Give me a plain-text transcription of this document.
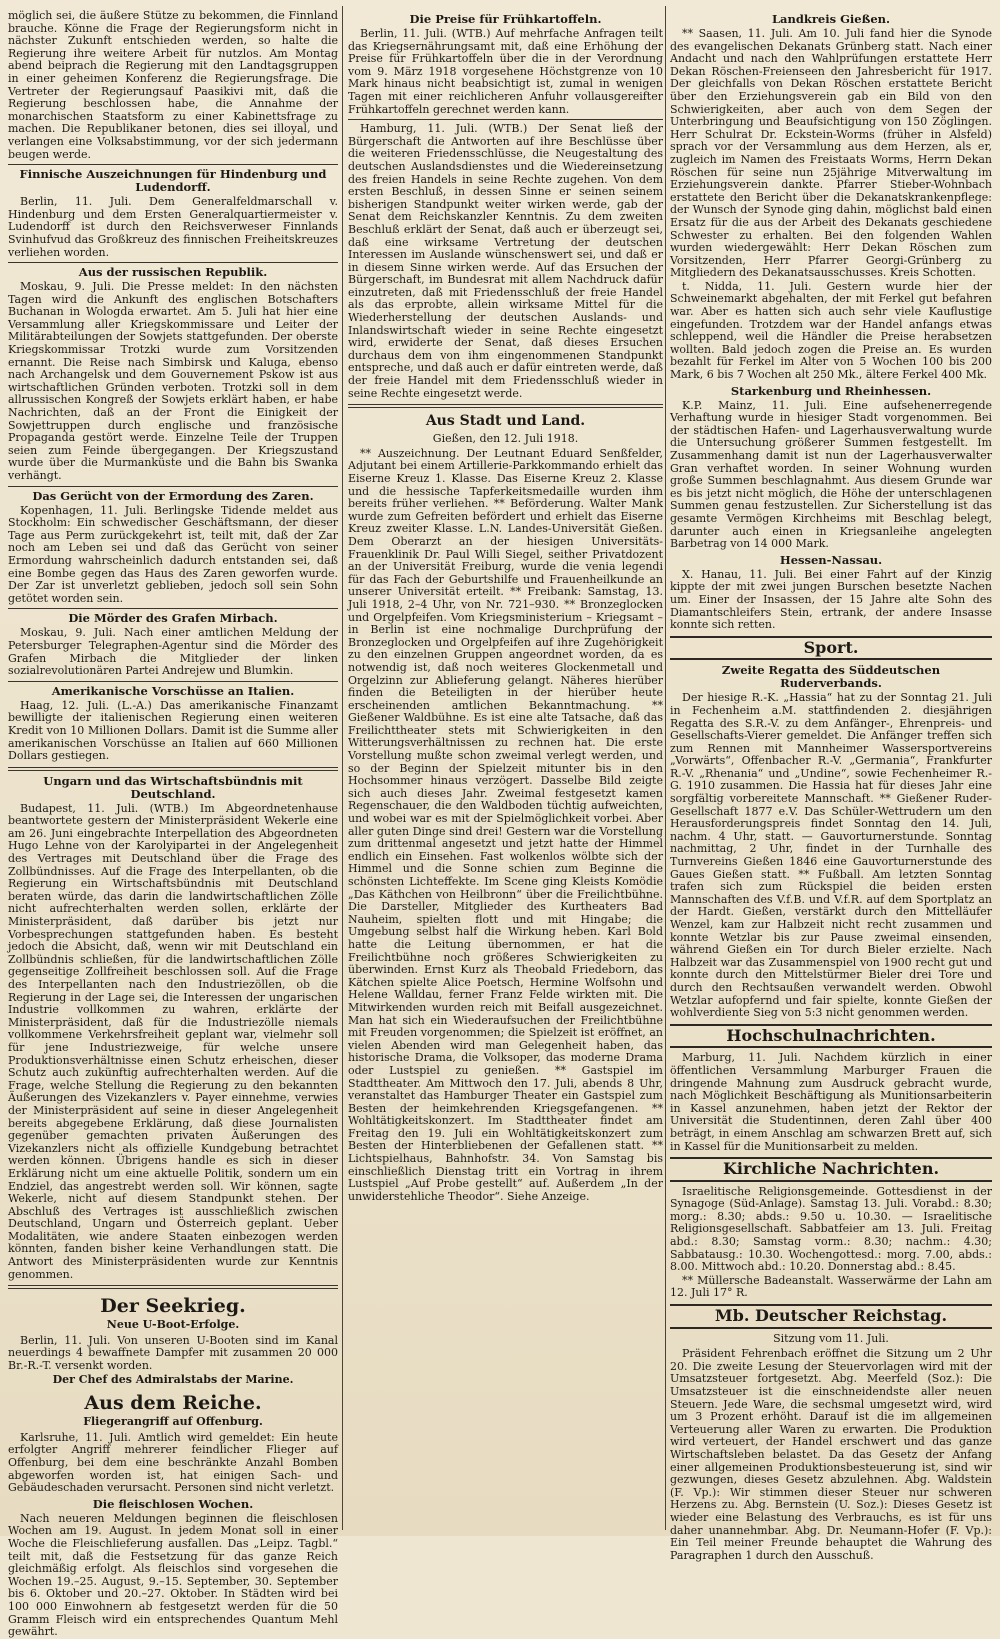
möglich sei, die äußere Stütze zu bekommen, die Finnland brauche. Könne die Frage der Regierungsform nicht in nächster Zukunft entschieden werden, so halte die Regierung ihre weitere Arbeit für nutzlos. Am Montag abend beiprach die Regierung mit den Landtagsgruppen in einer geheimen Konferenz die Regierungsfrage. Die Vertreter der Regierungsauf Paasikivi mit, daß die Regierung beschlossen habe, die Annahme der monarchischen Staatsform zu einer Kabinettsfrage zu machen. Die Republikaner betonen, dies sei illoyal, und verlangen eine Volksabstimmung, vor der sich jedermann beugen werde.

Finnische Auszeichnungen für Hindenburg und Ludendorff.

Berlin, 11. Juli. Dem Generalfeldmarschall v. Hindenburg und dem Ersten Generalquartiermeister v. Ludendorff ist durch den Reichsverweser Finnlands Svinhufvud das Großkreuz des finnischen Freiheitskreuzes verliehen worden.

Aus der russischen Republik.

Moskau, 9. Juli. Die Presse meldet: In den nächsten Tagen wird die Ankunft des englischen Botschafters Buchanan in Wologda erwartet. Am 5. Juli hat hier eine Versammlung aller Kriegskommissare und Leiter der Militärabteilungen der Sowjets stattgefunden. Der oberste Kriegskommissar Trotzki wurde zum Vorsitzenden ernannt. Die Reise nach Simbirsk und Kaluga, ebenso nach Archangelsk und dem Gouvernement Pskow ist aus wirtschaftlichen Gründen verboten. Trotzki soll in dem allrussischen Kongreß der Sowjets erklärt haben, er habe Nachrichten, daß an der Front die Einigkeit der Sowjettruppen durch englische und französische Propaganda gestört werde. Einzelne Teile der Truppen seien zum Feinde übergegangen. Der Kriegszustand wurde über die Murmanküste und die Bahn bis Swanka verhängt.

Das Gerücht von der Ermordung des Zaren.

Kopenhagen, 11. Juli. Berlingske Tidende meldet aus Stockholm: Ein schwedischer Geschäftsmann, der dieser Tage aus Perm zurückgekehrt ist, teilt mit, daß der Zar noch am Leben sei und daß das Gerücht von seiner Ermordung wahrscheinlich dadurch entstanden sei, daß eine Bombe gegen das Haus des Zaren geworfen wurde. Der Zar ist unverletzt geblieben, jedoch soll sein Sohn getötet worden sein.

Die Mörder des Grafen Mirbach.

Moskau, 9. Juli. Nach einer amtlichen Meldung der Petersburger Telegraphen-Agentur sind die Mörder des Grafen Mirbach die Mitglieder der linken sozialrevolutionären Partei Andrejew und Blumkin.

Amerikanische Vorschüsse an Italien.

Haag, 12. Juli. (L.-A.) Das amerikanische Finanzamt bewilligte der italienischen Regierung einen weiteren Kredit von 10 Millionen Dollars. Damit ist die Summe aller amerikanischen Vorschüsse an Italien auf 660 Millionen Dollars gestiegen.

Ungarn und das Wirtschaftsbündnis mit Deutschland.

Budapest, 11. Juli. (WTB.) Im Abgeordnetenhause beantwortete gestern der Ministerpräsident Wekerle eine am 26. Juni eingebrachte Interpellation des Abgeordneten Hugo Lehne von der Karolyipartei in der Angelegenheit des Vertrages mit Deutschland über die Frage des Zollbündnisses. Auf die Frage des Interpellanten, ob die Regierung ein Wirtschaftsbündnis mit Deutschland beraten würde, das darin die landwirtschaftlichen Zölle nicht aufrechterhalten werden sollen, erklärte der Ministerpräsident, daß darüber bis jetzt nur Vorbesprechungen stattgefunden haben. Es besteht jedoch die Absicht, daß, wenn wir mit Deutschland ein Zollbündnis schließen, für die landwirtschaftlichen Zölle gegenseitige Zollfreiheit beschlossen soll. Auf die Frage des Interpellanten nach den Industriezöllen, ob die Regierung in der Lage sei, die Interessen der ungarischen Industrie vollkommen zu wahren, erklärte der Ministerpräsident, daß für die Industriezölle niemals vollkommene Verkehrsfreiheit geplant war, vielmehr soll für jene Industriezweige, für welche unsere Produktionsverhältnisse einen Schutz erheischen, dieser Schutz auch zukünftig aufrechterhalten werden. Auf die Frage, welche Stellung die Regierung zu den bekannten Äußerungen des Vizekanzlers v. Payer einnehme, verwies der Ministerpräsident auf seine in dieser Angelegenheit bereits abgegebene Erklärung, daß diese Journalisten gegenüber gemachten privaten Äußerungen des Vizekanzlers nicht als offizielle Kundgebung betrachtet werden können. Übrigens handle es sich in dieser Erklärung nicht um eine aktuelle Politik, sondern um ein Endziel, das angestrebt werden soll. Wir können, sagte Wekerle, nicht auf diesem Standpunkt stehen. Der Abschluß des Vertrages ist ausschließlich zwischen Deutschland, Ungarn und Österreich geplant. Ueber Modalitäten, wie andere Staaten einbezogen werden könnten, fanden bisher keine Verhandlungen statt. Die Antwort des Ministerpräsidenten wurde zur Kenntnis genommen.

Der Seekrieg.
Neue U-Boot-Erfolge.

Berlin, 11. Juli. Von unseren U-Booten sind im Kanal neuerdings 4 bewaffnete Dampfer mit zusammen 20 000 Br.-R.-T. versenkt worden.

Der Chef des Admiralstabs der Marine.
Aus dem Reiche.
Fliegerangriff auf Offenburg.

Karlsruhe, 11. Juli. Amtlich wird gemeldet: Ein heute erfolgter Angriff mehrerer feindlicher Flieger auf Offenburg, bei dem eine beschränkte Anzahl Bomben abgeworfen worden ist, hat einigen Sach- und Gebäudeschaden verursacht. Personen sind nicht verletzt.

Die fleischlosen Wochen.

Nach neueren Meldungen beginnen die fleischlosen Wochen am 19. August. In jedem Monat soll in einer Woche die Fleischlieferung ausfallen. Das „Leipz. Tagbl.“ teilt mit, daß die Festsetzung für das ganze Reich gleichmäßig erfolgt. Als fleischlos sind vorgesehen die Wochen 19.–25. August, 9.–15. September, 30. September bis 6. Oktober und 20.–27. Oktober. In Städten wird bei 100 000 Einwohnern ab festgesetzt werden für die 50 Gramm Fleisch wird ein entsprechendes Quantum Mehl gewährt.

Die Preise für Frühkartoffeln.

Berlin, 11. Juli. (WTB.) Auf mehrfache Anfragen teilt das Kriegsernährungsamt mit, daß eine Erhöhung der Preise für Frühkartoffeln über die in der Verordnung vom 9. März 1918 vorgesehene Höchstgrenze von 10 Mark hinaus nicht beabsichtigt ist, zumal in wenigen Tagen mit einer reichlicheren Anfuhr vollausgereifter Frühkartoffeln gerechnet werden kann.

Hamburg, 11. Juli. (WTB.) Der Senat ließ der Bürgerschaft die Antworten auf ihre Beschlüsse über die weiteren Friedensschlüsse, die Neugestaltung des deutschen Auslandsdienstes und die Wiedereinsetzung des freien Handels in seine Rechte zugehen. Von dem ersten Beschluß, in dessen Sinne er seinen seinem bisherigen Standpunkt weiter wirken werde, gab der Senat dem Reichskanzler Kenntnis. Zu dem zweiten Beschluß erklärt der Senat, daß auch er überzeugt sei, daß eine wirksame Vertretung der deutschen Interessen im Auslande wünschenswert sei, und daß er in diesem Sinne wirken werde. Auf das Ersuchen der Bürgerschaft, im Bundesrat mit allem Nachdruck dafür einzutreten, daß mit Friedensschluß der freie Handel als das erprobte, allein wirksame Mittel für die Wiederherstellung der deutschen Auslands- und Inlandswirtschaft wieder in seine Rechte eingesetzt wird, erwiderte der Senat, daß dieses Ersuchen durchaus dem von ihm eingenommenen Standpunkt entspreche, und daß auch er dafür eintreten werde, daß der freie Handel mit dem Friedensschluß wieder in seine Rechte eingesetzt werde.

Aus Stadt und Land.
Gießen, den 12. Juli 1918.

** Auszeichnung. Der Leutnant Eduard Senßfelder, Adjutant bei einem Artillerie-Parkkommando erhielt das Eiserne Kreuz 1. Klasse. Das Eiserne Kreuz 2. Klasse und die hessische Tapferkeitsmedaille wurden ihm bereits früher verliehen. ** Beförderung. Walter Mank wurde zum Gefreiten befördert und erhielt das Eiserne Kreuz zweiter Klasse. L.N. Landes-Universität Gießen. Dem Oberarzt an der hiesigen Universitäts-Frauenklinik Dr. Paul Willi Siegel, seither Privatdozent an der Universität Freiburg, wurde die venia legendi für das Fach der Geburtshilfe und Frauenheilkunde an unserer Universität erteilt. ** Freibank: Samstag, 13. Juli 1918, 2–4 Uhr, von Nr. 721–930. ** Bronzeglocken und Orgelpfeifen. Vom Kriegsministerium – Kriegsamt – in Berlin ist eine nochmalige Durchprüfung der Bronzeglocken und Orgelpfeifen auf ihre Zugehörigkeit zu den einzelnen Gruppen angeordnet worden, da es notwendig ist, daß noch weiteres Glockenmetall und Orgelzinn zur Ablieferung gelangt. Näheres hierüber finden die Beteiligten in der hierüber heute erscheinenden amtlichen Bekanntmachung. ** Gießener Waldbühne. Es ist eine alte Tatsache, daß das Freilichttheater stets mit Schwierigkeiten in den Witterungsverhältnissen zu rechnen hat. Die erste Vorstellung mußte schon zweimal verlegt werden, und so der Beginn der Spielzeit mitunter bis in den Hochsommer hinaus verzögert. Dasselbe Bild zeigte sich auch dieses Jahr. Zweimal festgesetzt kamen Regenschauer, die den Waldboden tüchtig aufweichten, und wobei war es mit der Spielmöglichkeit vorbei. Aber aller guten Dinge sind drei! Gestern war die Vorstellung zum drittenmal angesetzt und jetzt hatte der Himmel endlich ein Einsehen. Fast wolkenlos wölbte sich der Himmel und die Sonne schien zum Beginne die schönsten Lichteffekte. Im Scene ging Kleists Komödie „Das Käthchen von Heilbronn“ über die Freilichtbühne. Die Darsteller, Mitglieder des Kurtheaters Bad Nauheim, spielten flott und mit Hingabe; die Umgebung selbst half die Wirkung heben. Karl Bold hatte die Leitung übernommen, er hat die Freilichtbühne noch größeres Schwierigkeiten zu überwinden. Ernst Kurz als Theobald Friedeborn, das Kätchen spielte Alice Poetsch, Hermine Wolfsohn und Helene Walldau, ferner Franz Felde wirkten mit. Die Mitwirkenden wurden reich mit Beifall ausgezeichnet. Man hat sich ein Wiederaufsuchen der Freilichtbühne mit Freuden vorgenommen; die Spielzeit ist eröffnet, an vielen Abenden wird man Gelegenheit haben, das historische Drama, die Volksoper, das moderne Drama oder Lustspiel zu genießen. ** Gastspiel im Stadttheater. Am Mittwoch den 17. Juli, abends 8 Uhr, veranstaltet das Hamburger Theater ein Gastspiel zum Besten der heimkehrenden Kriegsgefangenen. ** Wohltätigkeitskonzert. Im Stadttheater findet am Freitag den 19. Juli ein Wohltätigkeitskonzert zum Besten der Hinterbliebenen der Gefallenen statt. ** Lichtspielhaus, Bahnhofstr. 34. Von Samstag bis einschließlich Dienstag tritt ein Vortrag in ihrem Lustspiel „Auf Probe gestellt“ auf. Außerdem „In der unwiderstehliche Theodor“. Siehe Anzeige.

Landkreis Gießen.

** Saasen, 11. Juli. Am 10. Juli fand hier die Synode des evangelischen Dekanats Grünberg statt. Nach einer Andacht und nach den Wahlprüfungen erstattete Herr Dekan Röschen-Freienseen den Jahresbericht für 1917. Der gleichfalls von Dekan Röschen erstattete Bericht über den Erziehungsverein gab ein Bild von den Schwierigkeiten, aber auch von dem Segen der Unterbringung und Beaufsichtigung von 150 Zöglingen. Herr Schulrat Dr. Eckstein-Worms (früher in Alsfeld) sprach vor der Versammlung aus dem Herzen, als er, zugleich im Namen des Freistaats Worms, Herrn Dekan Röschen für seine nun 25jährige Mitverwaltung im Erziehungsverein dankte. Pfarrer Stieber-Wohnbach erstattete den Bericht über die Dekanatskrankenpflege: der Wunsch der Synode ging dahin, möglichst bald einen Ersatz für die aus der Arbeit des Dekanats geschiedene Schwester zu erhalten. Bei den folgenden Wahlen wurden wiedergewählt: Herr Dekan Röschen zum Vorsitzenden, Herr Pfarrer Georgi-Grünberg zu Mitgliedern des Dekanatsausschusses. Kreis Schotten.

t. Nidda, 11. Juli. Gestern wurde hier der Schweinemarkt abgehalten, der mit Ferkel gut befahren war. Aber es hatten sich auch sehr viele Kauflustige eingefunden. Trotzdem war der Handel anfangs etwas schleppend, weil die Händler die Preise herabsetzen wollten. Bald jedoch zogen die Preise an. Es wurden bezahlt für Ferkel im Alter von 5 Wochen 100 bis 200 Mark, 6 bis 7 Wochen alt 250 Mk., ältere Ferkel 400 Mk.

Starkenburg und Rheinhessen.

K.P. Mainz, 11. Juli. Eine aufsehenerregende Verhaftung wurde in hiesiger Stadt vorgenommen. Bei der städtischen Hafen- und Lagerhausverwaltung wurde die Untersuchung größerer Summen festgestellt. Im Zusammenhang damit ist nun der Lagerhausverwalter Gran verhaftet worden. In seiner Wohnung wurden große Summen beschlagnahmt. Aus diesem Grunde war es bis jetzt nicht möglich, die Höhe der unterschlagenen Summen genau festzustellen. Zur Sicherstellung ist das gesamte Vermögen Kirchheims mit Beschlag belegt, darunter auch einen in Kriegsanleihe angelegten Barbetrag von 14 000 Mark.

Hessen-Nassau.

X. Hanau, 11. Juli. Bei einer Fahrt auf der Kinzig kippte der mit zwei jungen Burschen besetzte Nachen um. Einer der Insassen, der 15 Jahre alte Sohn des Diamantschleifers Stein, ertrank, der andere Insasse konnte sich retten.

Sport.
Zweite Regatta des Süddeutschen Ruderverbands.

Der hiesige R.-K. „Hassia“ hat zu der Sonntag 21. Juli in Fechenheim a.M. stattfindenden 2. diesjährigen Regatta des S.R.-V. zu dem Anfänger-, Ehrenpreis- und Gesellschafts-Vierer gemeldet. Die Anfänger treffen sich zum Rennen mit Mannheimer Wassersportvereins „Vorwärts“, Offenbacher R.-V. „Germania“, Frankfurter R.-V. „Rhenania“ und „Undine“, sowie Fechenheimer R.-G. 1910 zusammen. Die Hassia hat für dieses Jahr eine sorgfältig vorbereitete Mannschaft. ** Gießener Ruder-Gesellschaft 1877 e.V. Das Schüler-Wettrudern um den Herausforderungspreis findet Sonntag den 14. Juli, nachm. 4 Uhr, statt. — Gauvorturnerstunde. Sonntag nachmittag, 2 Uhr, findet in der Turnhalle des Turnvereins Gießen 1846 eine Gauvorturnerstunde des Gaues Gießen statt. ** Fußball. Am letzten Sonntag trafen sich zum Rückspiel die beiden ersten Mannschaften des V.f.B. und V.f.R. auf dem Sportplatz an der Hardt. Gießen, verstärkt durch den Mittelläufer Wenzel, kam zur Halbzeit nicht recht zusammen und konnte Wetzlar bis zur Pause zweimal einsenden, während Gießen ein Tor durch Bieler erzielte. Nach Halbzeit war das Zusammenspiel von 1900 recht gut und konnte durch den Mittelstürmer Bieler drei Tore und durch den Rechtsaußen verwandelt werden. Obwohl Wetzlar aufopfernd und fair spielte, konnte Gießen der wohlverdiente Sieg von 5:3 nicht genommen werden.

Hochschulnachrichten.

Marburg, 11. Juli. Nachdem kürzlich in einer öffentlichen Versammlung Marburger Frauen die dringende Mahnung zum Ausdruck gebracht wurde, nach Möglichkeit Beschäftigung als Munitionsarbeiterin in Kassel anzunehmen, haben jetzt der Rektor der Universität die Studentinnen, deren Zahl über 400 beträgt, in einem Anschlag am schwarzen Brett auf, sich in Kassel für die Munitionsarbeit zu melden.

Kirchliche Nachrichten.

Israelitische Religionsgemeinde. Gottesdienst in der Synagoge (Süd-Anlage). Samstag 13. Juli. Vorabd.: 8.30; morg.: 8.30; abds.: 9.50 u. 10.30. — Israelitische Religionsgesellschaft. Sabbatfeier am 13. Juli. Freitag abd.: 8.30; Samstag vorm.: 8.30; nachm.: 4.30; Sabbatausg.: 10.30. Wochengottesd.: morg. 7.00, abds.: 8.00. Mittwoch abd.: 10.20. Donnerstag abd.: 8.45.

** Müllersche Badeanstalt. Wasserwärme der Lahn am 12. Juli 17° R.

Mb. Deutscher Reichstag.
Sitzung vom 11. Juli.

Präsident Fehrenbach eröffnet die Sitzung um 2 Uhr 20. Die zweite Lesung der Steuervorlagen wird mit der Umsatzsteuer fortgesetzt. Abg. Meerfeld (Soz.): Die Umsatzsteuer ist die einschneidendste aller neuen Steuern. Jede Ware, die sechsmal umgesetzt wird, wird um 3 Prozent erhöht. Darauf ist die im allgemeinen Verteuerung aller Waren zu erwarten. Die Produktion wird verteuert, der Handel erschwert und das ganze Wirtschaftsleben belastet. Da das Gesetz der Anfang einer allgemeinen Produktionsbesteuerung ist, sind wir gezwungen, dieses Gesetz abzulehnen. Abg. Waldstein (F. Vp.): Wir stimmen dieser Steuer nur schweren Herzens zu. Abg. Bernstein (U. Soz.): Dieses Gesetz ist wieder eine Belastung des Verbrauchs, es ist für uns daher unannehmbar. Abg. Dr. Neumann-Hofer (F. Vp.): Ein Teil meiner Freunde behauptet die Wahrung des Paragraphen 1 durch den Ausschuß.
